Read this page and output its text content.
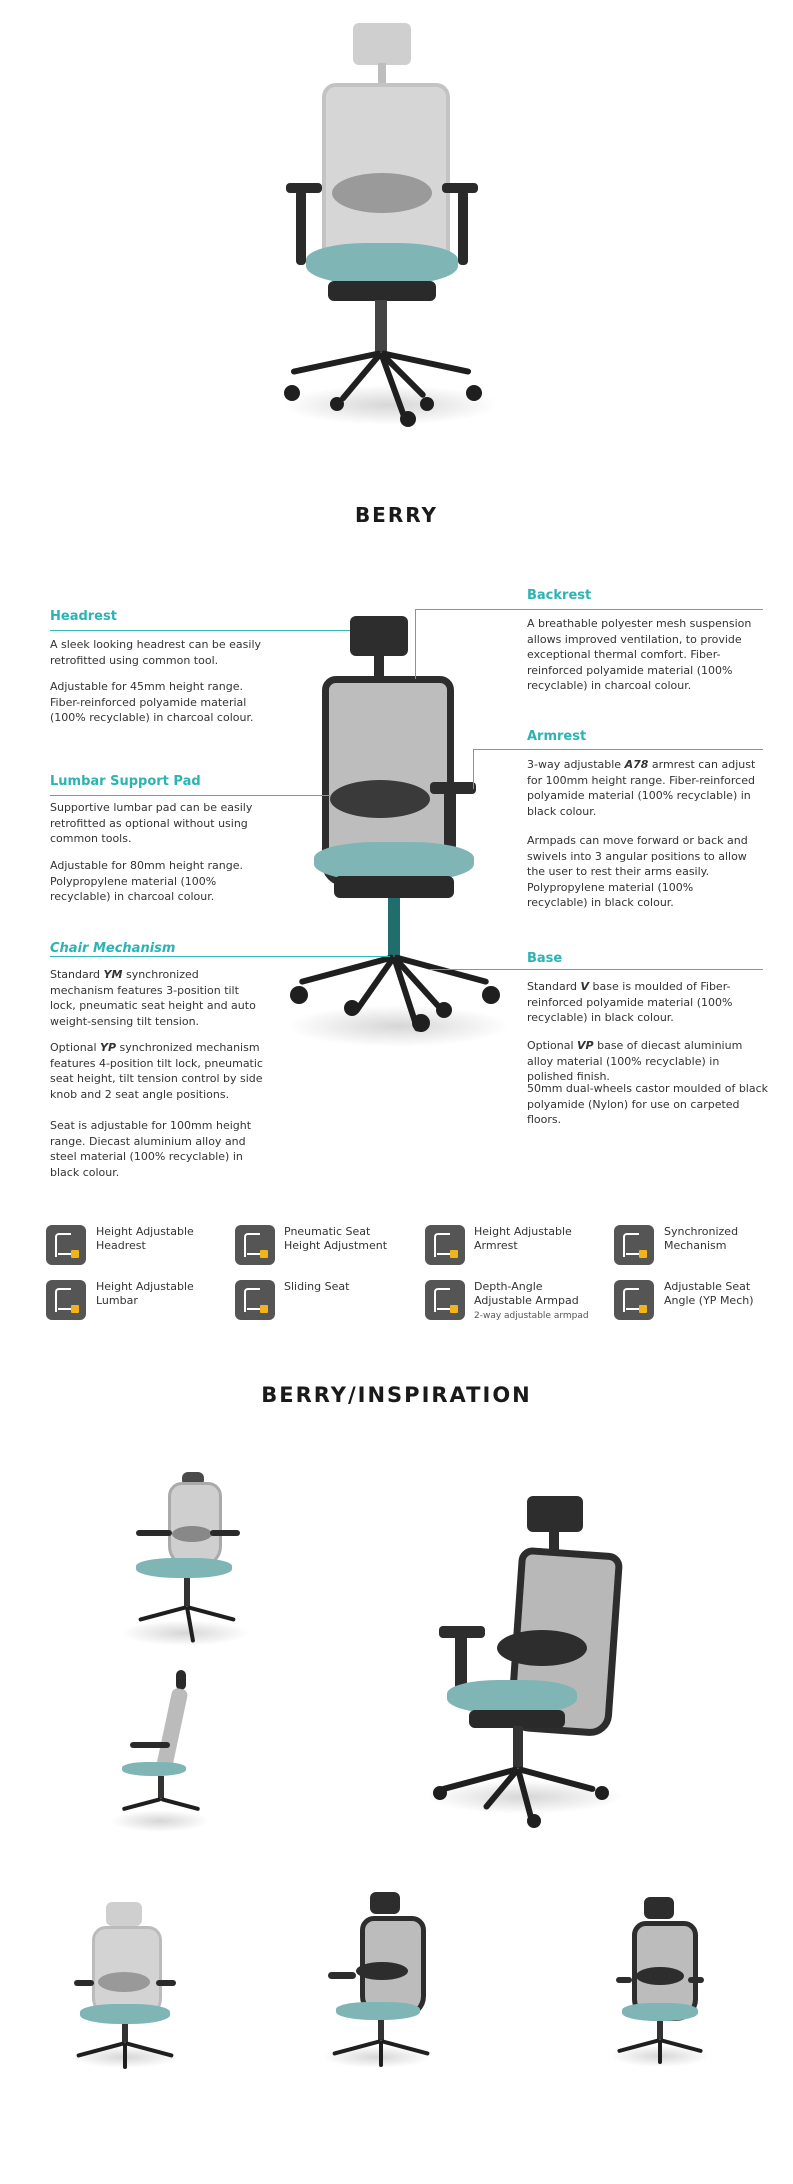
BERRY
Headrest
A sleek looking headrest can be easily retrofitted using common tool.
Adjustable for 45mm height range. Fiber-reinforced polyamide material (100% recyclable) in charcoal colour.
Lumbar Support Pad
Supportive lumbar pad can be easily retrofitted as optional without using common tools.
Adjustable for 80mm height range. Polypropylene material (100% recyclable) in charcoal colour.
Chair Mechanism
Standard YM synchronized mechanism features 3-position tilt lock, pneumatic seat height and auto weight-sensing tilt tension.
Optional YP synchronized mechanism features 4-position tilt lock, pneumatic seat height, tilt tension control by side knob and 2 seat angle positions.
Seat is adjustable for 100mm height range. Diecast aluminium alloy and steel material (100% recyclable) in black colour.
Backrest
A breathable polyester mesh suspension allows improved ventilation, to provide exceptional thermal comfort. Fiber-reinforced polyamide material (100% recyclable) in charcoal colour.
Armrest
3-way adjustable A78 armrest can adjust for 100mm height range. Fiber-reinforced polyamide material (100% recyclable) in black colour.
Armpads can move forward or back and swivels into 3 angular positions to allow the user to rest their arms easily. Polypropylene material (100% recyclable) in black colour.
Base
Standard V base is moulded of Fiber-reinforced polyamide material (100% recyclable) in black colour.
Optional VP base of diecast aluminium alloy material (100% recyclable) in polished finish.
50mm dual-wheels castor moulded of black polyamide (Nylon) for use on carpeted floors.
Height Adjustable Headrest
Pneumatic Seat Height Adjustment
Height Adjustable Armrest
Synchronized Mechanism
Height Adjustable Lumbar
Sliding Seat	Depth-Angle Adjustable Armpad
2-way adjustable armpad
Adjustable Seat Angle (YP Mech)
BERRY/INSPIRATION
